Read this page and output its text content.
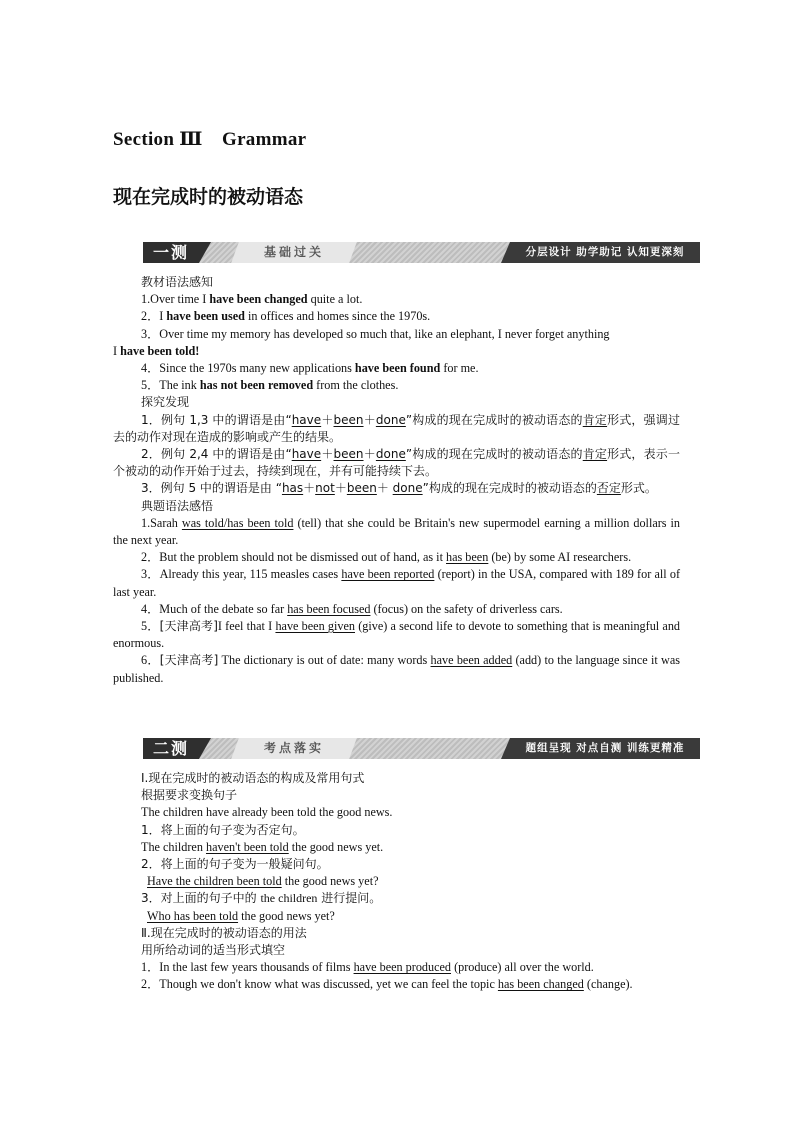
Section Ⅲ　Grammar
现在完成时的被动语态
一测	基础过关	分层设计 助学助记 认知更深刻

教材语法感知

1.Over time I have been changed quite a lot.

2．I have been used in offices and homes since the 1970s.

3．Over time my memory has developed so much that, like an elephant, I never forget anything
I have been told!

4．Since the 1970s many new applications have been found for me.

5．The ink has not been removed from the clothes.

探究发现

1．例句 1,3 中的谓语是由“have＋been＋done”构成的现在完成时的被动语态的肯定形式，强调过去的动作对现在造成的影响或产生的结果。

2．例句 2,4 中的谓语是由“have＋been＋done”构成的现在完成时的被动语态的肯定形式，表示一个被动的动作开始于过去，持续到现在，并有可能持续下去。

3．例句 5 中的谓语是由 “has＋not＋been＋ done”构成的现在完成时的被动语态的否定形式。

典题语法感悟

1.Sarah was told/has been told (tell) that she could be Britain's new supermodel earning a million dollars in the next year.

2．But the problem should not be dismissed out of hand, as it has been (be) by some AI researchers.

3．Already this year, 115 measles cases have been reported (report) in the USA, compared with 189 for all of last year.

4．Much of the debate so far has been focused (focus) on the safety of driverless cars.

5．[天津高考]I feel that I have been given (give) a second life to devote to something that is meaningful and enormous.

6．[天津高考] The dictionary is out of date: many words have been added (add) to the language since it was published.

二测	考点落实	题组呈现 对点自测 训练更精准

Ⅰ.现在完成时的被动语态的构成及常用句式

根据要求变换句子

The children have already been told the good news.

1．将上面的句子变为否定句。

The children haven't been told the good news yet.

2．将上面的句子变为一般疑问句。

Have the children been told the good news yet?

3．对上面的句子中的 the children 进行提问。

Who has been told the good news yet?

Ⅱ.现在完成时的被动语态的用法

用所给动词的适当形式填空

1．In the last few years thousands of films have been produced (produce) all over the world.

2．Though we don't know what was discussed, yet we can feel the topic has been changed (change).
